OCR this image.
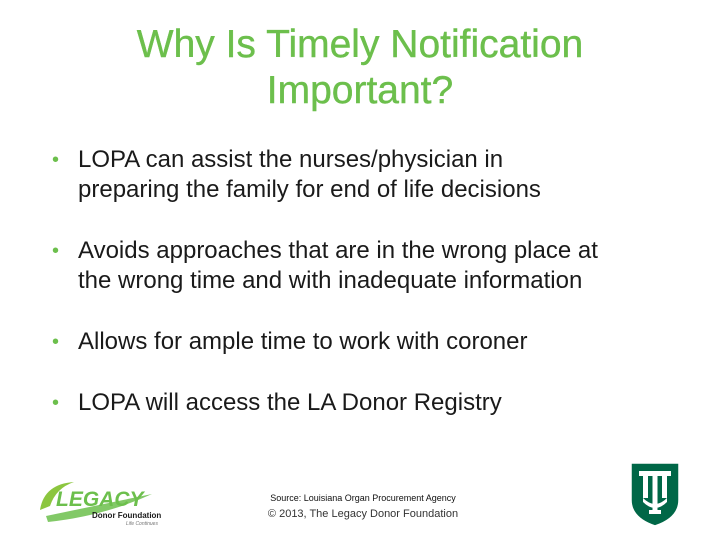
Why Is Timely Notification
Important?
• LOPA can assist the nurses/physician in
preparing the family for end of life decisions
• Avoids approaches that are in the wrong place at
the wrong time and with inadequate information
• Allows for ample time to work with coroner
• LOPA will access the LA Donor Registry
LEGACY
Donor Foundation
Life Continues
Source: Louisiana Organ Procurement Agency
© 2013, The Legacy Donor Foundation
